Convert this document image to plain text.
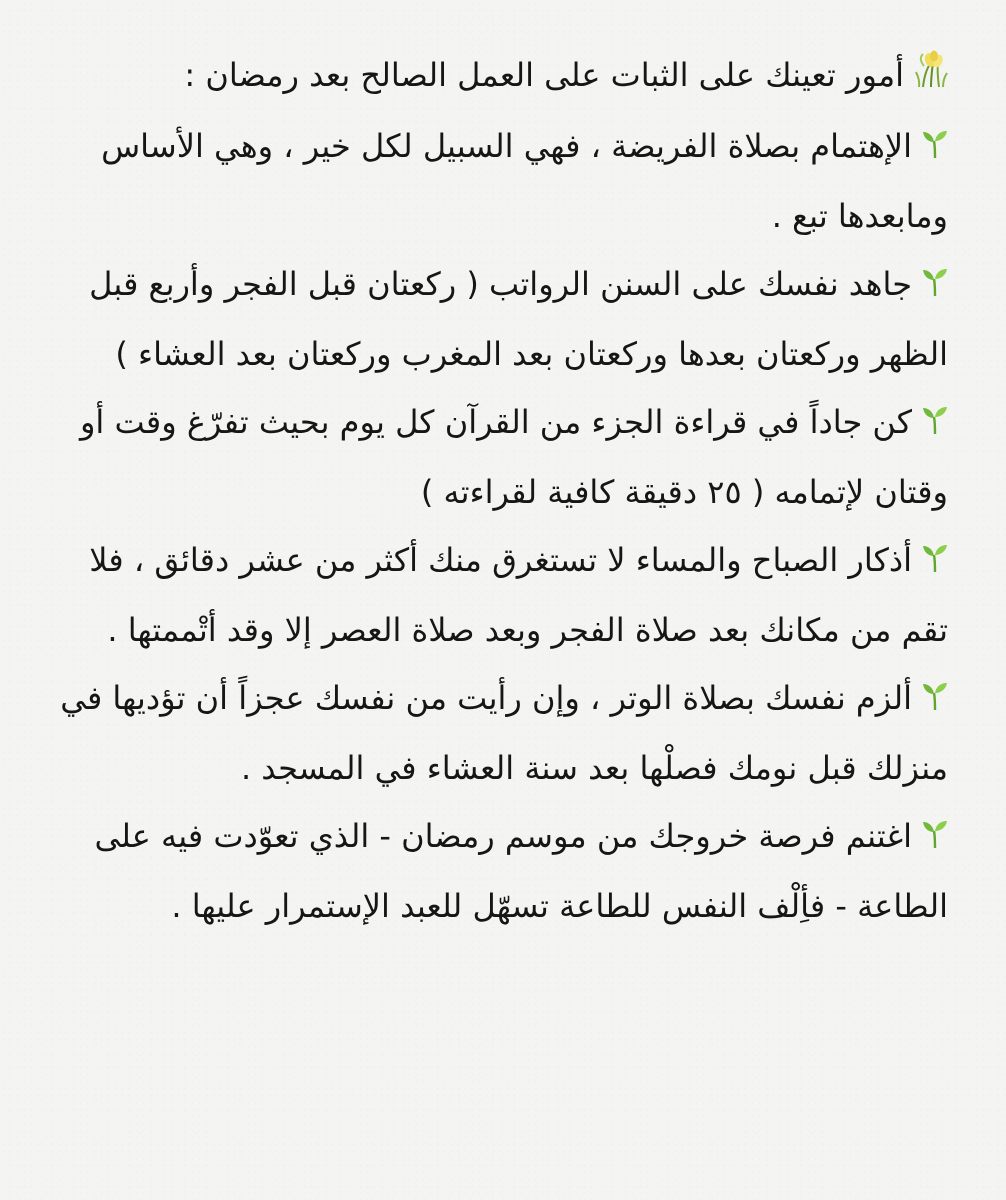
أمور تعينك على الثبات على العمل الصالح بعد رمضان :

الإهتمام بصلاة الفريضة ، فهي السبيل لكل خير ، وهي الأساس ومابعدها تبع .

جاهد نفسك على السنن الرواتب ( ركعتان قبل الفجر وأربع قبل الظهر وركعتان بعدها وركعتان بعد المغرب وركعتان بعد العشاء )

كن جاداً في قراءة الجزء من القرآن كل يوم بحيث تفرّغ وقت أو وقتان لإتمامه ( ٢٥ دقيقة كافية لقراءته )

أذكار الصباح والمساء لا تستغرق منك أكثر من عشر دقائق ، فلا تقم من مكانك بعد صلاة الفجر وبعد صلاة العصر إلا وقد أتْممتها .

ألزم نفسك بصلاة الوتر ، وإن رأيت من نفسك عجزاً أن تؤديها في منزلك قبل نومك فصلْها بعد سنة العشاء في المسجد .

اغتنم فرصة خروجك من موسم رمضان - الذي تعوّدت فيه على الطاعة - فأِلْف النفس للطاعة تسهّل للعبد الإستمرار عليها .
